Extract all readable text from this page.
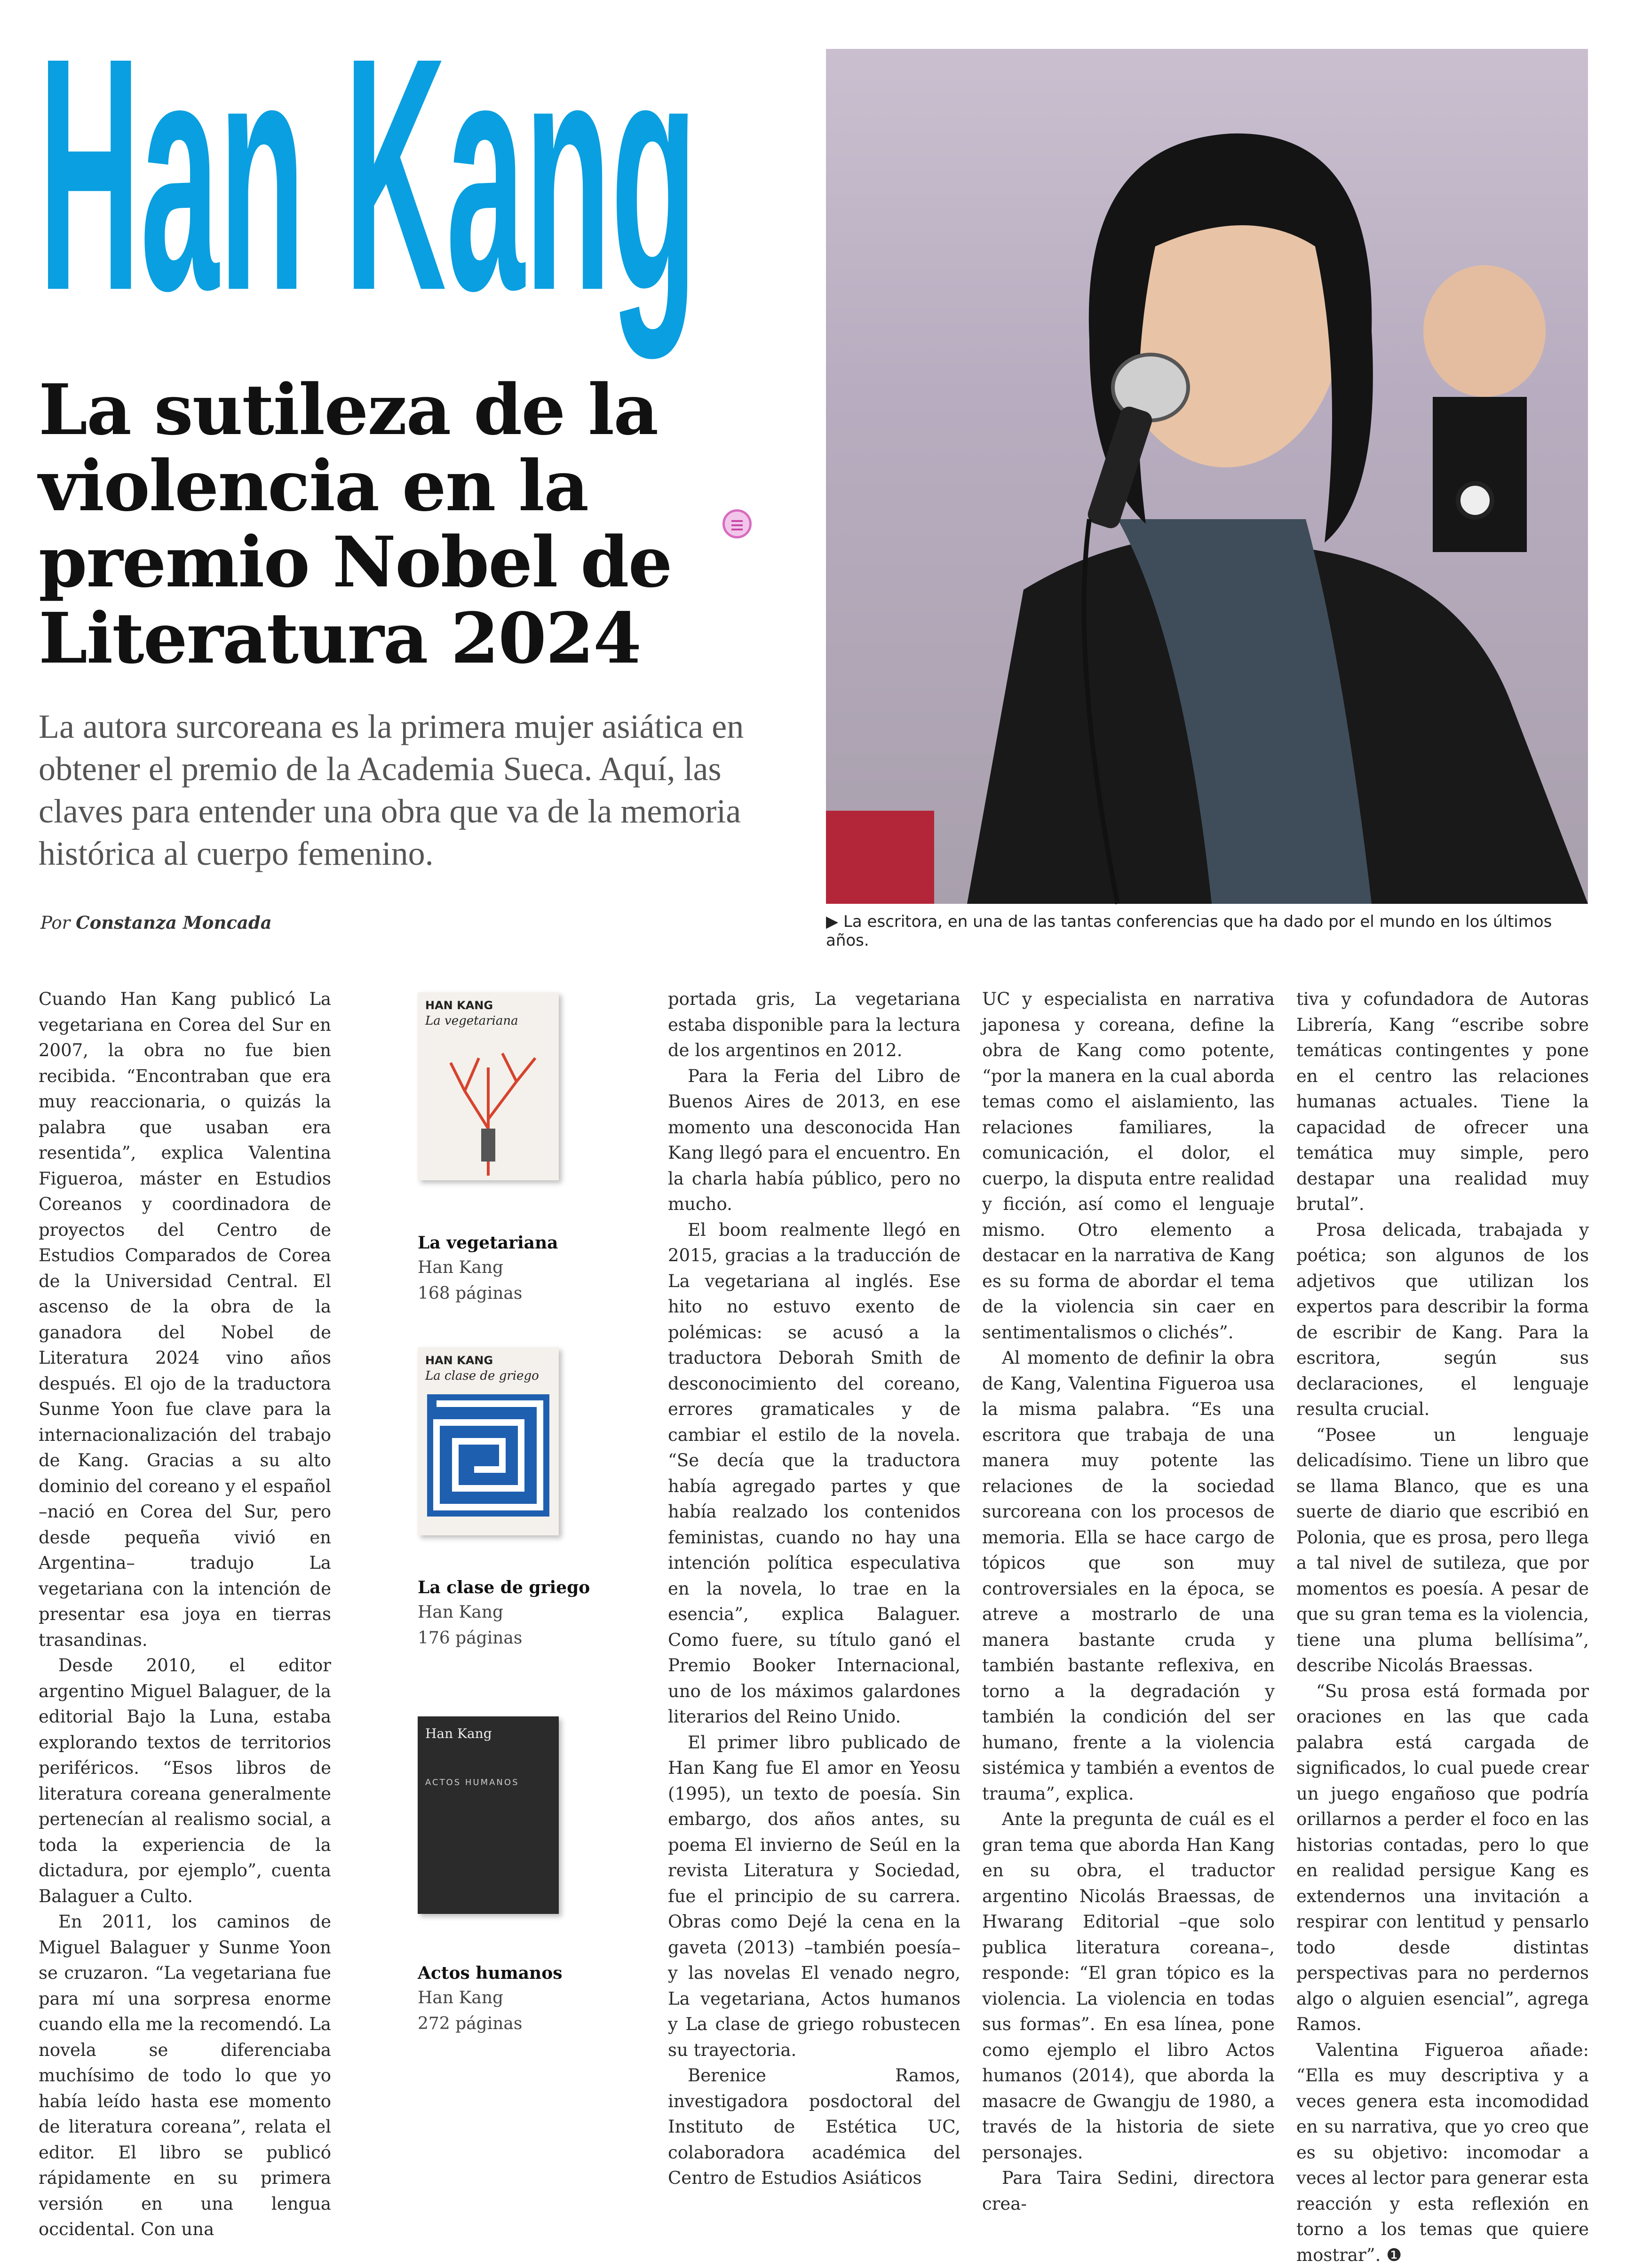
La sutileza de la
violencia en la
premio Nobel de
Literatura 2024
La autora surcoreana es la primera mujer asiática en obtener el premio de la Academia Sueca. Aquí, las claves para entender una obra que va de la memoria histórica al cuerpo femenino.
Por Constanza Moncada	▶ La escritora, en una de las tantas conferencias que ha dado por el mundo en los últimos años.

Cuando Han Kang publicó La vegetariana en Corea del Sur en 2007, la obra no fue bien recibida. “Encontraban que era muy reaccionaria, o quizás la palabra que usaban era resentida”, explica Valentina Figueroa, máster en Estudios Coreanos y coordinadora de proyectos del Centro de Estudios Comparados de Corea de la Universidad Central. El ascenso de la obra de la ganadora del Nobel de Literatura 2024 vino años después. El ojo de la traductora Sunme Yoon fue clave para la internacionalización del trabajo de Kang. Gracias a su alto dominio del coreano y el español –nació en Corea del Sur, pero desde pequeña vivió en Argentina– tradujo La vegetariana con la intención de presentar esa joya en tierras trasandinas.

Desde 2010, el editor argentino Miguel Balaguer, de la editorial Bajo la Luna, estaba explorando textos de territorios periféricos. “Esos libros de literatura coreana generalmente pertenecían al realismo social, a toda la experiencia de la dictadura, por ejemplo”, cuenta Balaguer a Culto.

En 2011, los caminos de Miguel Balaguer y Sunme Yoon se cruzaron. “La vegetariana fue para mí una sorpresa enorme cuando ella me la recomendó. La novela se diferenciaba muchísimo de todo lo que yo había leído hasta ese momento de literatura coreana”, relata el editor. El libro se publicó rápidamente en su primera versión en una lengua occidental. Con una

portada gris, La vegetariana estaba disponible para la lectura de los argentinos en 2012.

Para la Feria del Libro de Buenos Aires de 2013, en ese momento una desconocida Han Kang llegó para el encuentro. En la charla había público, pero no mucho.

El boom realmente llegó en 2015, gracias a la traducción de La vegetariana al inglés. Ese hito no estuvo exento de polémicas: se acusó a la traductora Deborah Smith de desconocimiento del coreano, errores gramaticales y de cambiar el estilo de la novela. “Se decía que la traductora había agregado partes y que había realzado los contenidos feministas, cuando no hay una intención política especulativa en la novela, lo trae en la esencia”, explica Balaguer. Como fuere, su título ganó el Premio Booker Internacional, uno de los máximos galardones literarios del Reino Unido.

El primer libro publicado de Han Kang fue El amor en Yeosu (1995), un texto de poesía. Sin embargo, dos años antes, su poema El invierno de Seúl en la revista Literatura y Sociedad, fue el principio de su carrera. Obras como Dejé la cena en la gaveta (2013) –también poesía– y las novelas El venado negro, La vegetariana, Actos humanos y La clase de griego robustecen su trayectoria.

Berenice Ramos, investigadora posdoctoral del Instituto de Estética UC, colaboradora académica del Centro de Estudios Asiáticos

UC y especialista en narrativa japonesa y coreana, define la obra de Kang como potente, “por la manera en la cual aborda temas como el aislamiento, las relaciones familiares, la comunicación, el dolor, el cuerpo, la disputa entre realidad y ficción, así como el lenguaje mismo. Otro elemento a destacar en la narrativa de Kang es su forma de abordar el tema de la violencia sin caer en sentimentalismos o clichés”.

Al momento de definir la obra de Kang, Valentina Figueroa usa la misma palabra. “Es una escritora que trabaja de una manera muy potente las relaciones de la sociedad surcoreana con los procesos de memoria. Ella se hace cargo de tópicos que son muy controversiales en la época, se atreve a mostrarlo de una manera bastante cruda y también bastante reflexiva, en torno a la degradación y también la condición del ser humano, frente a la violencia sistémica y también a eventos de trauma”, explica.

Ante la pregunta de cuál es el gran tema que aborda Han Kang en su obra, el traductor argentino Nicolás Braessas, de Hwarang Editorial –que solo publica literatura coreana–, responde: “El gran tópico es la violencia. La violencia en todas sus formas”. En esa línea, pone como ejemplo el libro Actos humanos (2014), que aborda la masacre de Gwangju de 1980, a través de la historia de siete personajes.

Para Taira Sedini, directora crea-

tiva y cofundadora de Autoras Librería, Kang “escribe sobre temáticas contingentes y pone en el centro las relaciones humanas actuales. Tiene la capacidad de ofrecer una temática muy simple, pero destapar una realidad muy brutal”.

Prosa delicada, trabajada y poética; son algunos de los adjetivos que utilizan los expertos para describir la forma de escribir de Kang. Para la escritora, según sus declaraciones, el lenguaje resulta crucial.

“Posee un lenguaje delicadísimo. Tiene un libro que se llama Blanco, que es una suerte de diario que escribió en Polonia, que es prosa, pero llega a tal nivel de sutileza, que por momentos es poesía. A pesar de que su gran tema es la violencia, tiene una pluma bellísima”, describe Nicolás Braessas.

“Su prosa está formada por oraciones en las que cada palabra está cargada de significados, lo cual puede crear un juego engañoso que podría orillarnos a perder el foco en las historias contadas, pero lo que en realidad persigue Kang es extendernos una invitación a respirar con lentitud y pensarlo todo desde distintas perspectivas para no perdernos algo o alguien esencial”, agrega Ramos.

Valentina Figueroa añade: “Ella es muy descriptiva y a veces genera esta incomodidad en su narrativa, que yo creo que es su objetivo: incomodar a veces al lector para generar esta reacción y esta reflexión en torno a los temas que quiere mostrar”. ❶

HAN KANG
La vegetariana
La vegetariana
Han Kang
168 páginas
HAN KANG
La clase de griego
La clase de griego
Han Kang
176 páginas
Han Kang
ACTOS HUMANOS
Actos humanos
Han Kang
272 páginas
